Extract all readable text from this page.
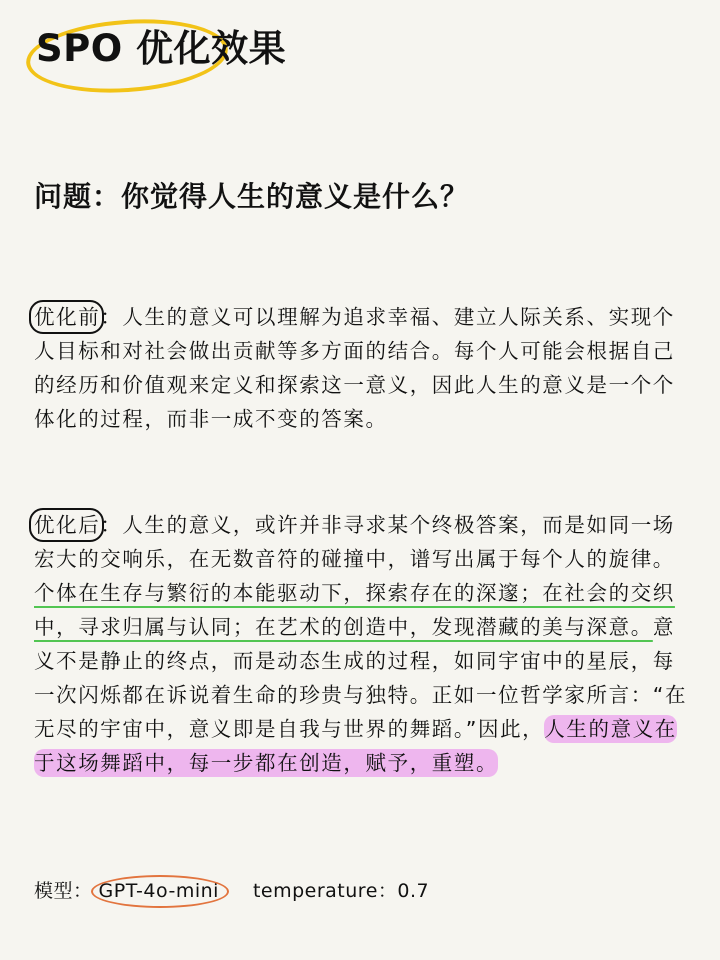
SPO 优化效果

问题：你觉得人生的意义是什么？

优化前：人生的意义可以理解为追求幸福、建立人际关系、实现个人目标和对社会做出贡献等多方面的结合。每个人可能会根据自己的经历和价值观来定义和探索这一意义，因此人生的意义是一个个体化的过程，而非一成不变的答案。

优化后：人生的意义，或许并非寻求某个终极答案，而是如同一场宏大的交响乐，在无数音符的碰撞中，谱写出属于每个人的旋律。个体在生存与繁衍的本能驱动下，探索存在的深邃；在社会的交织中，寻求归属与认同；在艺术的创造中，发现潜藏的美与深意。意义不是静止的终点，而是动态生成的过程，如同宇宙中的星辰，每一次闪烁都在诉说着生命的珍贵与独特。正如一位哲学家所言：“在无尽的宇宙中，意义即是自我与世界的舞蹈。”因此，人生的意义在于这场舞蹈中，每一步都在创造，赋予，重塑。

模型： GPT-4o-mini temperature：0.7
